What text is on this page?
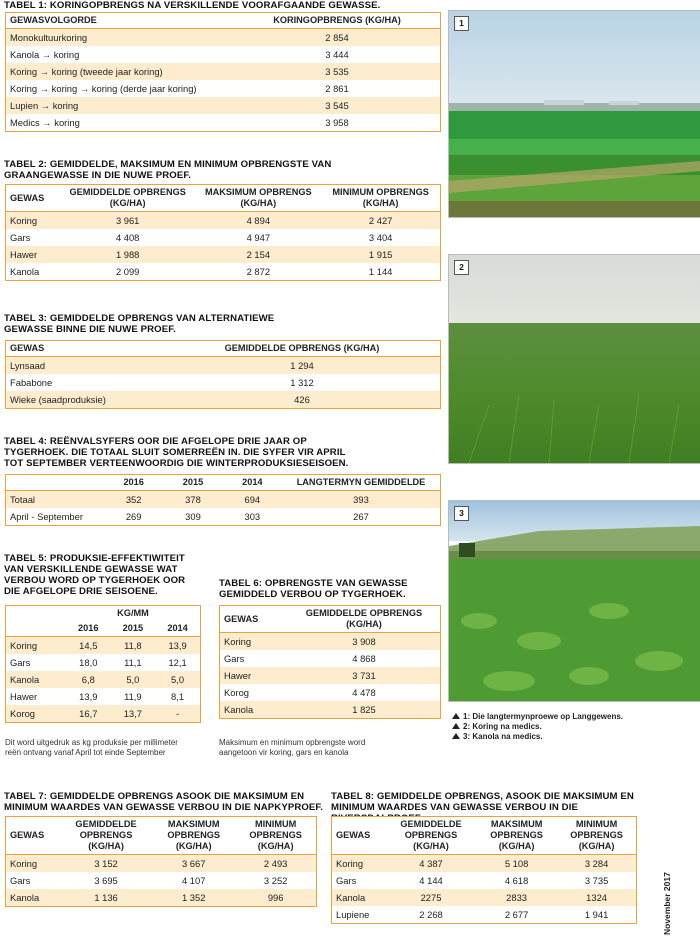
TABEL 1: KORINGOPBRENGS NA VERSKILLENDE VOORAFGAANDE GEWASSE.
GEWASVOLGORDE	KORINGOPBRENGS (KG/HA)
Monokultuurkoring	2 854
Kanola → koring	3 444
Koring → koring (tweede jaar koring)	3 535
Koring → koring → koring (derde jaar koring)	2 861
Lupien → koring	3 545
Medics → koring	3 958
TABEL 2: GEMIDDELDE, MAKSIMUM EN MINIMUM OPBRENGSTE VAN GRAANGEWASSE IN DIE NUWE PROEF.
GEWAS	GEMIDDELDE OPBRENGS (KG/HA)	MAKSIMUM OPBRENGS (KG/HA)	MINIMUM OPBRENGS (KG/HA)
Koring	3 961	4 894	2 427
Gars	4 408	4 947	3 404
Hawer	1 988	2 154	1 915
Kanola	2 099	2 872	1 144
TABEL 3: GEMIDDELDE OPBRENGS VAN ALTERNATIEWE GEWASSE BINNE DIE NUWE PROEF.
GEWAS	GEMIDDELDE OPBRENGS (KG/HA)
Lynsaad	1 294
Fababone	1 312
Wieke (saadproduksie)	426
TABEL 4: REËNVALSYFERS OOR DIE AFGELOPE DRIE JAAR OP TYGERHOEK. DIE TOTAAL SLUIT SOMERREËN IN. DIE SYFER VIR APRIL TOT SEPTEMBER VERTEENWOORDIG DIE WINTERPRODUKSIESEISOEN.
	2016	2015	2014	LANGTERMYN GEMIDDELDE
Totaal	352	378	694	393
April - September	269	309	303	267
TABEL 5: PRODUKSIE-EFFEKTIWITEIT VAN VERSKILLENDE GEWASSE WAT VERBOU WORD OP TYGERHOEK OOR DIE AFGELOPE DRIE SEISOENE.
	KG/MM		
	2016	2015	2014
Koring	14,5	11,8	13,9
Gars	18,0	11,1	12,1
Kanola	6,8	5,0	5,0
Hawer	13,9	11,9	8,1
Korog	16,7	13,7	-
Dit word uitgedruk as kg produksie per millimeter reën ontvang vanaf April tot einde September
TABEL 6: OPBRENGSTE VAN GEWASSE GEMIDDELD VERBOU OP TYGERHOEK.
GEWAS	GEMIDDELDE OPBRENGS (KG/HA)
Koring	3 908
Gars	4 868
Hawer	3 731
Korog	4 478
Kanola	1 825
Maksimum en minimum opbrengste word aangetoon vir koring, gars en kanola
TABEL 7: GEMIDDELDE OPBRENGS ASOOK DIE MAKSIMUM EN MINIMUM WAARDES VAN GEWASSE VERBOU IN DIE NAPKYPROEF.
GEWAS	GEMIDDELDE OPBRENGS (KG/HA)	MAKSIMUM OPBRENGS (KG/HA)	MINIMUM OPBRENGS (KG/HA)
Koring	3 152	3 667	2 493
Gars	3 695	4 107	3 252
Kanola	1 136	1 352	996
TABEL 8: GEMIDDELDE OPBRENGS, ASOOK DIE MAKSIMUM EN MINIMUM WAARDES VAN GEWASSE VERBOU IN DIE
GEWAS	GEMIDDELDE OPBRENGS (KG/HA)	MAKSIMUM OPBRENGS (KG/HA)	MINIMUM OPBRENGS (KG/HA)
Koring	4 387	5 108	3 284
Gars	4 144	4 618	3 735
Kanola	2275	2833	1324
Lupiene	2 268	2 677	1 941
1
2
3
1: Die langtermynproewe op Langgewens.
2: Koring na medics.
3: Kanola na medics.
November 2017
